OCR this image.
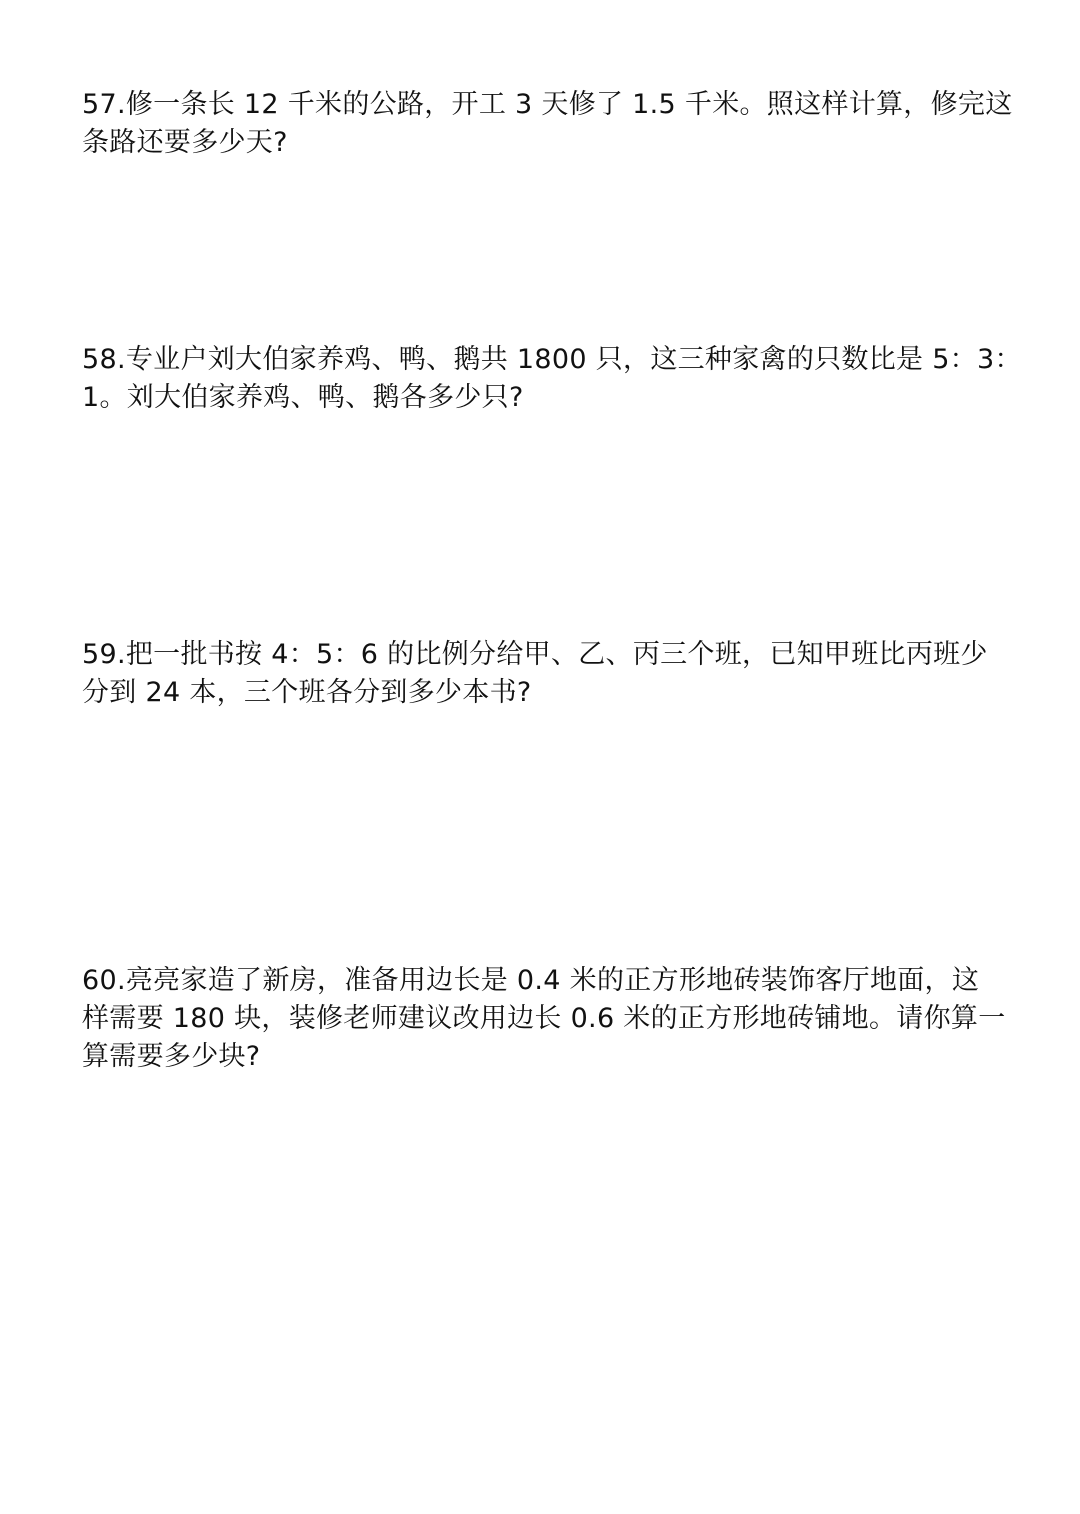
57.修一条长 12 千米的公路，开工 3 天修了 1.5 千米。照这样计算，修完这
条路还要多少天?
58.专业户刘大伯家养鸡、鸭、鹅共 1800 只，这三种家禽的只数比是 5：3：
1。刘大伯家养鸡、鸭、鹅各多少只?
59.把一批书按 4：5：6 的比例分给甲、乙、丙三个班，已知甲班比丙班少
分到 24 本，三个班各分到多少本书?
60.亮亮家造了新房，准备用边长是 0.4 米的正方形地砖装饰客厅地面，这
样需要 180 块，装修老师建议改用边长 0.6 米的正方形地砖铺地。请你算一
算需要多少块?
